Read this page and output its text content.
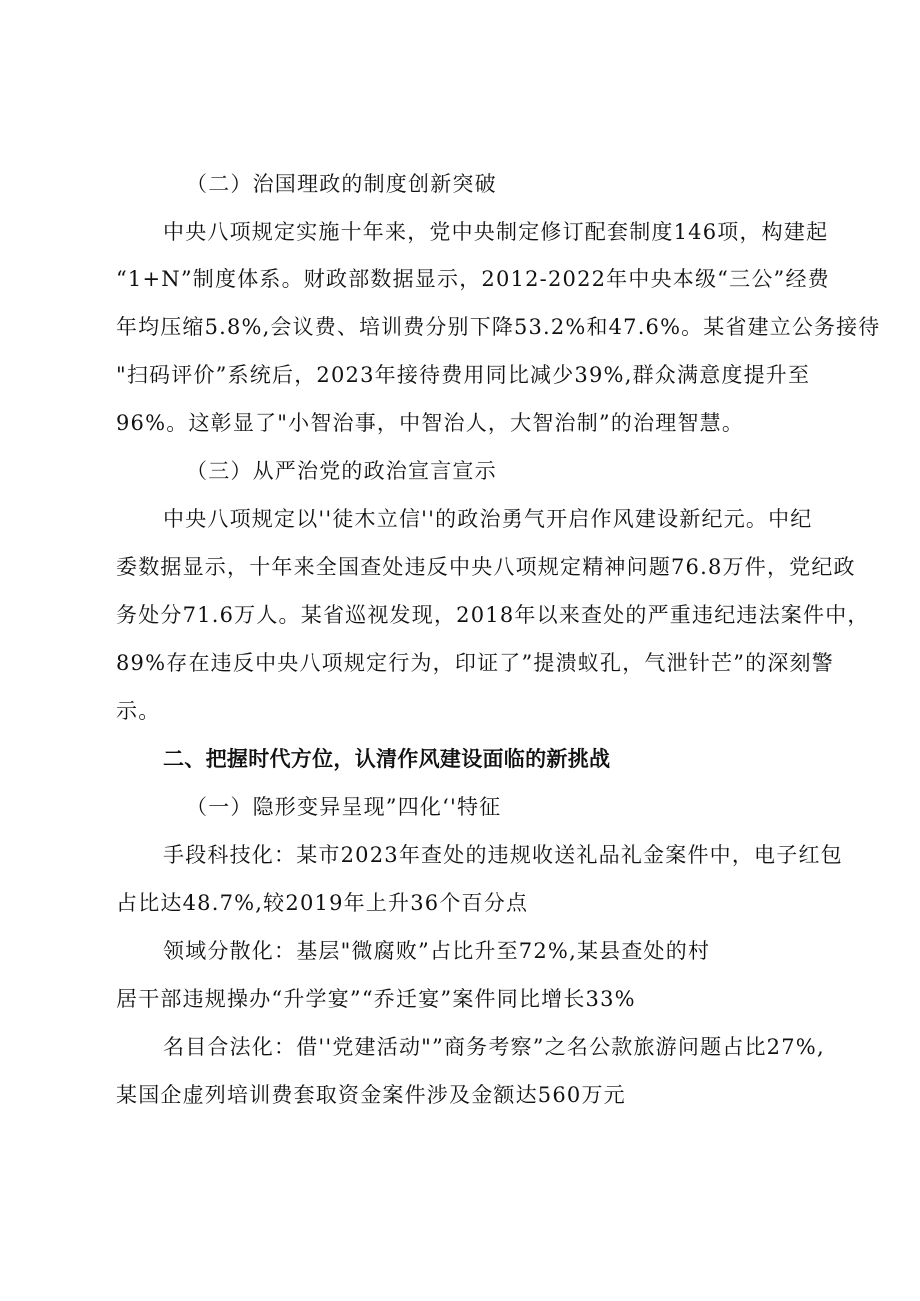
（二）治国理政的制度创新突破
中央八项规定实施十年来，党中央制定修订配套制度146项，构建起
“1+N”制度体系。财政部数据显示，2012-2022年中央本级“三公”经费
年均压缩5.8%,会议费、培训费分别下降53.2%和47.6%。某省建立公务接待
"扫码评价”系统后，2023年接待费用同比减少39%,群众满意度提升至
96%。这彰显了"小智治事，中智治人，大智治制”的治理智慧。
（三）从严治党的政治宣言宣示
中央八项规定以''徒木立信''的政治勇气开启作风建设新纪元。中纪
委数据显示，十年来全国查处违反中央八项规定精神问题76.8万件，党纪政
务处分71.6万人。某省巡视发现，2018年以来查处的严重违纪违法案件中，
89%存在违反中央八项规定行为，印证了”提溃蚁孔，气泄针芒”的深刻警
示。
二、把握时代方位，认清作风建设面临的新挑战
（一）隐形变异呈现”四化‘'特征
手段科技化：某市2023年查处的违规收送礼品礼金案件中，电子红包
占比达48.7%,较2019年上升36个百分点
领域分散化：基层"微腐败”占比升至72%,某县查处的村
居干部违规操办“升学宴”“乔迁宴”案件同比增长33%
名目合法化：借''党建活动"”商务考察”之名公款旅游问题占比27%,
某国企虚列培训费套取资金案件涉及金额达560万元
